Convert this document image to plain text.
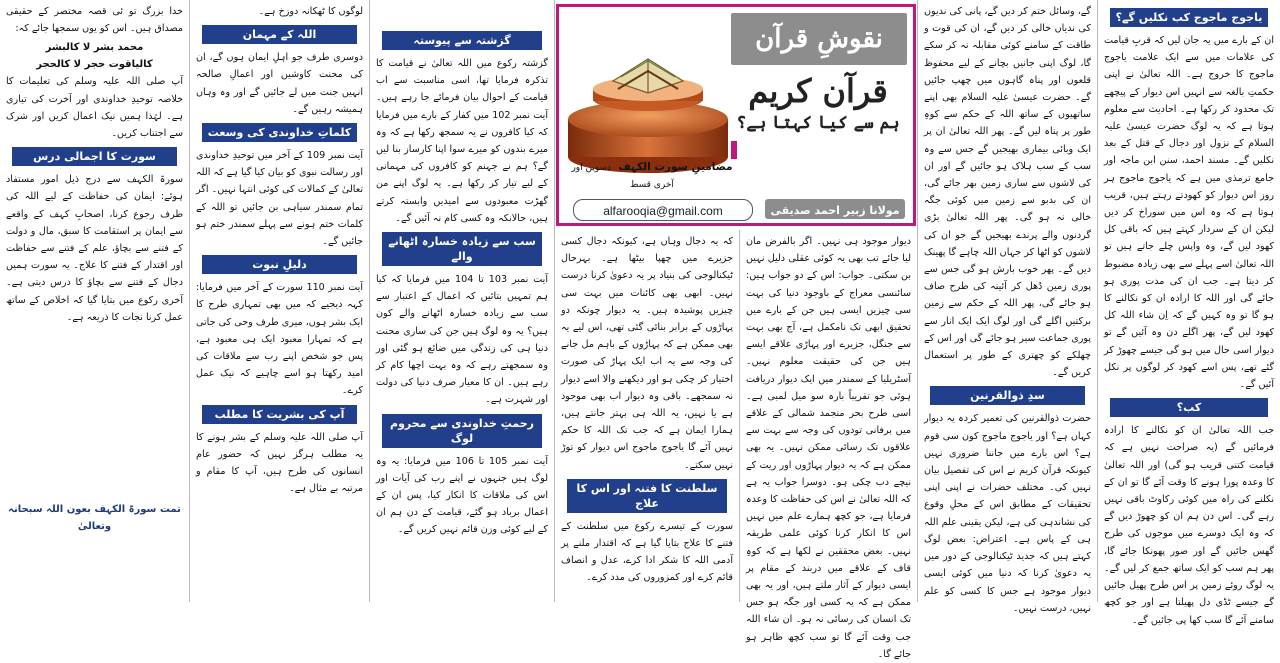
یاجوج ماجوج کب نکلیں گے؟

ان کے بارے میں یہ جان لیں کہ قربِ قیامت کی علامات میں سے ایک علامت یاجوج ماجوج کا خروج ہے۔ اللہ تعالیٰ نے اپنی حکمتِ بالغہ سے انہیں اس دیوار کے پیچھے تک محدود کر رکھا ہے۔ احادیث سے معلوم ہوتا ہے کہ یہ لوگ حضرت عیسیٰ علیہ السلام کے نزول اور دجال کے قتل کے بعد نکلیں گے۔ مسند احمد، سنن ابن ماجہ اور جامع ترمذی میں ہے کہ یاجوج ماجوج ہر روز اس دیوار کو کھودتے رہتے ہیں، قریب ہوتا ہے کہ وہ اس میں سوراخ کر دیں لیکن ان کے سردار کہتے ہیں کہ باقی کل کھود لیں گے، وہ واپس چلے جاتے ہیں تو اللہ تعالیٰ اسے پہلے سے بھی زیادہ مضبوط کر دیتا ہے۔ جب ان کی مدت پوری ہو جائے گی اور اللہ کا ارادہ ان کو نکالنے کا ہو گا تو وہ کہیں گے کہ اِن شاء اللہ کل کھود لیں گے، پھر اگلے دن وہ آئیں گے تو دیوار اسی حال میں ہو گی جیسے چھوڑ کر گئے تھے، پس اسے کھود کر لوگوں پر نکل آئیں گے۔

کب؟

جب اللہ تعالیٰ ان کو نکالنے کا ارادہ فرمائیں گے (یہ صراحت نہیں ہے کہ قیامت کتنی قریب ہو گی) اور اللہ تعالیٰ کا وعدہ پورا ہونے کا وقت آئے گا تو ان کے نکلنے کی راہ میں کوئی رکاوٹ باقی نہیں رہے گی۔ اس دن ہم ان کو چھوڑ دیں گے کہ وہ ایک دوسرے میں موجوں کی طرح گھس جائیں گے اور صور پھونکا جائے گا، پھر ہم سب کو ایک ساتھ جمع کر لیں گے۔ یہ لوگ روئے زمین پر اس طرح پھیل جائیں گے جیسے ٹڈی دل پھیلتا ہے اور جو کچھ سامنے آئے گا سب کھا پی جائیں گے۔

گے، وسائل ختم کر دیں گے، پانی کی ندیوں کی ندیاں خالی کر دیں گے، ان کی قوت و طاقت کے سامنے کوئی مقابلہ نہ کر سکے گا، لوگ اپنی جانیں بچانے کے لیے محفوظ قلعوں اور پناہ گاہوں میں چھپ جائیں گے۔ حضرت عیسیٰ علیہ السلام بھی اپنے ساتھیوں کے ساتھ اللہ کے حکم سے کوہِ طور پر پناہ لیں گے۔ پھر اللہ تعالیٰ ان پر ایک وبائی بیماری بھیجیں گے جس سے وہ سب کے سب ہلاک ہو جائیں گے اور ان کی لاشوں سے ساری زمین بھر جائے گی، ان کی بدبو سے زمین میں کوئی جگہ خالی نہ ہو گی۔ پھر اللہ تعالیٰ بڑی گردنوں والے پرندے بھیجیں گے جو ان کی لاشوں کو اٹھا کر جہاں اللہ چاہے گا پھینک دیں گے۔ پھر خوب بارش ہو گی جس سے پوری زمین دُھل کر آئینہ کی طرح صاف ہو جائے گی، پھر اللہ کے حکم سے زمین برکتیں اگلے گی اور لوگ ایک ایک انار سے پوری جماعت سیر ہو جائے گی اور اس کے چھلکے کو چھتری کے طور پر استعمال کریں گے۔

سدِ ذوالقرنین

حضرت ذوالقرنین کی تعمیر کردہ یہ دیوار کہاں ہے؟ اور یاجوج ماجوج کون سی قوم ہے؟ اس بارے میں جاننا ضروری نہیں کیونکہ قرآن کریم نے اس کی تفصیل بیان نہیں کی۔ مختلف حضرات نے اپنی اپنی تحقیقات کے مطابق اس کے محلِ وقوع کی نشاندہی کی ہے، لیکن یقینی علم اللہ ہی کے پاس ہے۔ اعتراض: بعض لوگ کہتے ہیں کہ جدید ٹیکنالوجی کے دور میں یہ دعویٰ کرنا کہ دنیا میں کوئی ایسی دیوار موجود ہے جس کا کسی کو علم نہیں، درست نہیں۔

دیوار موجود ہی نہیں۔ اگر بالفرض مان لیا جائے تب بھی یہ کوئی عقلی دلیل نہیں بن سکتی۔ جواب: اس کے دو جواب ہیں: سائنسی معراج کے باوجود دنیا کی بہت سی چیزیں ایسی ہیں جن کے بارے میں تحقیق ابھی تک نامکمل ہے، آج بھی بہت سے جنگل، جزیرے اور پہاڑی علاقے ایسے ہیں جن کی حقیقت معلوم نہیں۔ آسٹریلیا کے سمندر میں ایک دیوار دریافت ہوئی جو تقریباً بارہ سو میل لمبی ہے۔ اسی طرح بحر منجمد شمالی کے علاقے میں برفانی تودوں کی وجہ سے بہت سے علاقوں تک رسائی ممکن نہیں۔ یہ بھی ممکن ہے کہ یہ دیوار پہاڑوں اور ریت کے نیچے دب چکی ہو۔ دوسرا جواب یہ ہے کہ اللہ تعالیٰ نے اس کی حفاظت کا وعدہ فرمایا ہے، جو کچھ ہمارے علم میں نہیں اس کا انکار کرنا کوئی علمی طریقہ نہیں۔ بعض محققین نے لکھا ہے کہ کوہِ قاف کے علاقے میں دربند کے مقام پر ایسی دیوار کے آثار ملتے ہیں، اور یہ بھی ممکن ہے کہ یہ کسی اور جگہ ہو جس تک انسان کی رسائی نہ ہو۔ ان شاء اللہ جب وقت آئے گا تو سب کچھ ظاہر ہو جائے گا۔

کہ یہ دجال وہاں ہے، کیونکہ دجال کسی جزیرے میں چھپا بیٹھا ہے۔ بہرحال ٹیکنالوجی کی بنیاد پر یہ دعویٰ کرنا درست نہیں۔ ابھی بھی کائنات میں بہت سی چیزیں پوشیدہ ہیں۔ یہ دیوار چونکہ دو پہاڑوں کے برابر بنائی گئی تھی، اس لیے یہ بھی ممکن ہے کہ پہاڑوں کے باہم مل جانے کی وجہ سے یہ اب ایک پہاڑ کی صورت اختیار کر چکی ہو اور دیکھنے والا اسے دیوار نہ سمجھے۔ باقی وہ دیوار اب بھی موجود ہے یا نہیں، یہ اللہ ہی بہتر جانتے ہیں، ہمارا ایمان ہے کہ جب تک اللہ کا حکم نہیں آئے گا یاجوج ماجوج اس دیوار کو توڑ نہیں سکتے۔

سلطنت کا فتنہ اور اس کا علاج

سورت کے تیسرے رکوع میں سلطنت کے فتنے کا علاج بتایا گیا ہے کہ اقتدار ملنے پر آدمی اللہ کا شکر ادا کرے، عدل و انصاف قائم کرے اور کمزوروں کی مدد کرے۔

نقوشِ قرآن
قرآن کریم
ہم سے کیا کہتا ہے؟
مضامینِ سورت الکہف دسویں اور آخری قسط
alfarooqia@gmail.com	مولانا زبیر احمد صدیقی
گزشتہ سے پیوستہ

گزشتہ رکوع میں اللہ تعالیٰ نے قیامت کا تذکرہ فرمایا تھا، اسی مناسبت سے اب قیامت کے احوال بیان فرمائے جا رہے ہیں۔ آیت نمبر 102 میں کفار کے بارے میں فرمایا کہ کیا کافروں نے یہ سمجھ رکھا ہے کہ وہ میرے بندوں کو میرے سوا اپنا کارساز بنا لیں گے؟ ہم نے جہنم کو کافروں کی مہمانی کے لیے تیار کر رکھا ہے۔ یہ لوگ اپنے من گھڑت معبودوں سے امیدیں وابستہ کرتے ہیں، حالانکہ وہ کسی کام نہ آئیں گے۔

سب سے زیادہ خسارہ اٹھانے والے

آیت نمبر 103 تا 104 میں فرمایا کہ کیا ہم تمہیں بتائیں کہ اعمال کے اعتبار سے سب سے زیادہ خسارہ اٹھانے والے کون ہیں؟ یہ وہ لوگ ہیں جن کی ساری محنت دنیا ہی کی زندگی میں ضائع ہو گئی اور وہ سمجھتے رہے کہ وہ بہت اچھا کام کر رہے ہیں۔ ان کا معیار صرف دنیا کی دولت اور شہرت ہے۔

رحمتِ خداوندی سے محروم لوگ

آیت نمبر 105 تا 106 میں فرمایا: یہ وہ لوگ ہیں جنہوں نے اپنے رب کی آیات اور اس کی ملاقات کا انکار کیا، پس ان کے اعمال برباد ہو گئے، قیامت کے دن ہم ان کے لیے کوئی وزن قائم نہیں کریں گے۔

لوگوں کا ٹھکانہ دوزخ ہے۔

اللہ کے مہمان

دوسری طرف جو اہلِ ایمان ہوں گے، ان کی محنت کاوشیں اور اعمالِ صالحہ انہیں جنت میں لے جائیں گے اور وہ وہاں ہمیشہ رہیں گے۔

کلماتِ خداوندی کی وسعت

آیت نمبر 109 کے آخر میں توحیدِ خداوندی اور رسالت نبوی کو بیان کیا گیا ہے کہ اللہ تعالیٰ کے کمالات کی کوئی انتہا نہیں۔ اگر تمام سمندر سیاہی بن جائیں تو اللہ کے کلمات ختم ہونے سے پہلے سمندر ختم ہو جائیں گے۔

دلیلِ نبوت

آیت نمبر 110 سورت کے آخر میں فرمایا: کہہ دیجیے کہ میں بھی تمہاری طرح کا ایک بشر ہوں، میری طرف وحی کی جاتی ہے کہ تمہارا معبود ایک ہی معبود ہے، پس جو شخص اپنے رب سے ملاقات کی امید رکھتا ہو اسے چاہیے کہ نیک عمل کرے۔

آپ کی بشریت کا مطلب

آپ صلی اللہ علیہ وسلم کے بشر ہونے کا یہ مطلب ہرگز نہیں کہ حضور عام انسانوں کی طرح ہیں، آپ کا مقام و مرتبہ بے مثال ہے۔

خدا بزرگ تو ئی قصہ مختصر کے حقیقی مصداق ہیں۔ اس کو یوں سمجھا جائے کہ:

محمد بشر لا کالبشر

کالیاقوت حجر لا کالحجر

آپ صلی اللہ علیہ وسلم کی تعلیمات کا خلاصہ توحیدِ خداوندی اور آخرت کی تیاری ہے۔ لہٰذا ہمیں نیک اعمال کریں اور شرک سے اجتناب کریں۔

سورت کا اجمالی درس

سورۃ الکہف سے درج ذیل امور مستفاد ہوئے: ایمان کی حفاظت کے لیے اللہ کی طرف رجوع کرنا، اصحابِ کہف کے واقعے سے ایمان پر استقامت کا سبق، مال و دولت کے فتنے سے بچاؤ، علم کے فتنے سے حفاظت اور اقتدار کے فتنے کا علاج۔ یہ سورت ہمیں دجال کے فتنے سے بچاؤ کا درس دیتی ہے۔ آخری رکوع میں بتایا گیا کہ اخلاص کے ساتھ عمل کرنا نجات کا ذریعہ ہے۔

تمت سورۃ الکہف بعون اللہ سبحانہ وتعالیٰ
